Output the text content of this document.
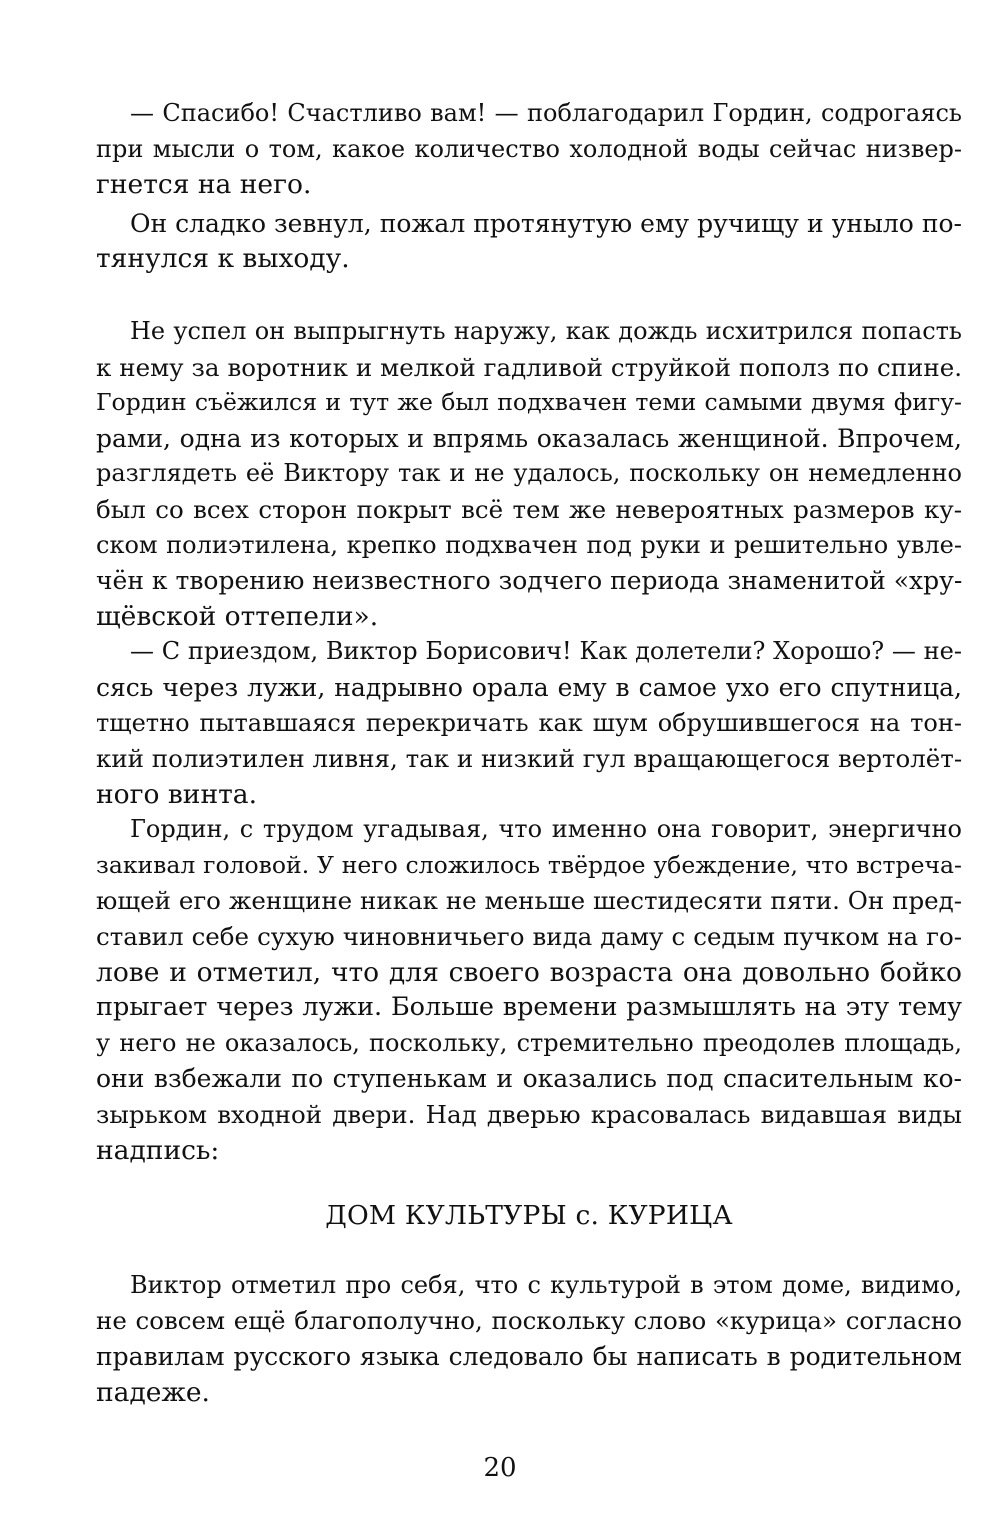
— Спасибо! Счастливо вам! — поблагодарил Гордин, содрогаясь
при мысли о том, какое количество холодной воды сейчас низвер-
гнется на него.
Он сладко зевнул, пожал протянутую ему ручищу и уныло по-
тянулся к выходу.
Не успел он выпрыгнуть наружу, как дождь исхитрился попасть
к нему за воротник и мелкой гадливой струйкой пополз по спине.
Гордин съёжился и тут же был подхвачен теми самыми двумя фигу-
рами, одна из которых и впрямь оказалась женщиной. Впрочем,
разглядеть её Виктору так и не удалось, поскольку он немедленно
был со всех сторон покрыт всё тем же невероятных размеров ку-
ском полиэтилена, крепко подхвачен под руки и решительно увле-
чён к творению неизвестного зодчего периода знаменитой «хру-
щёвской оттепели».
— С приездом, Виктор Борисович! Как долетели? Хорошо? — не-
сясь через лужи, надрывно орала ему в самое ухо его спутница,
тщетно пытавшаяся перекричать как шум обрушившегося на тон-
кий полиэтилен ливня, так и низкий гул вращающегося вертолёт-
ного винта.
Гордин, с трудом угадывая, что именно она говорит, энергично
закивал головой. У него сложилось твёрдое убеждение, что встреча-
ющей его женщине никак не меньше шестидесяти пяти. Он пред-
ставил себе сухую чиновничьего вида даму с седым пучком на го-
лове и отметил, что для своего возраста она довольно бойко
прыгает через лужи. Больше времени размышлять на эту тему
у него не оказалось, поскольку, стремительно преодолев площадь,
они взбежали по ступенькам и оказались под спасительным ко-
зырьком входной двери. Над дверью красовалась видавшая виды
надпись:
ДОМ КУЛЬТУРЫ с. КУРИЦА
Виктор отметил про себя, что с культурой в этом доме, видимо,
не совсем ещё благополучно, поскольку слово «курица» согласно
правилам русского языка следовало бы написать в родительном
падеже.
20
